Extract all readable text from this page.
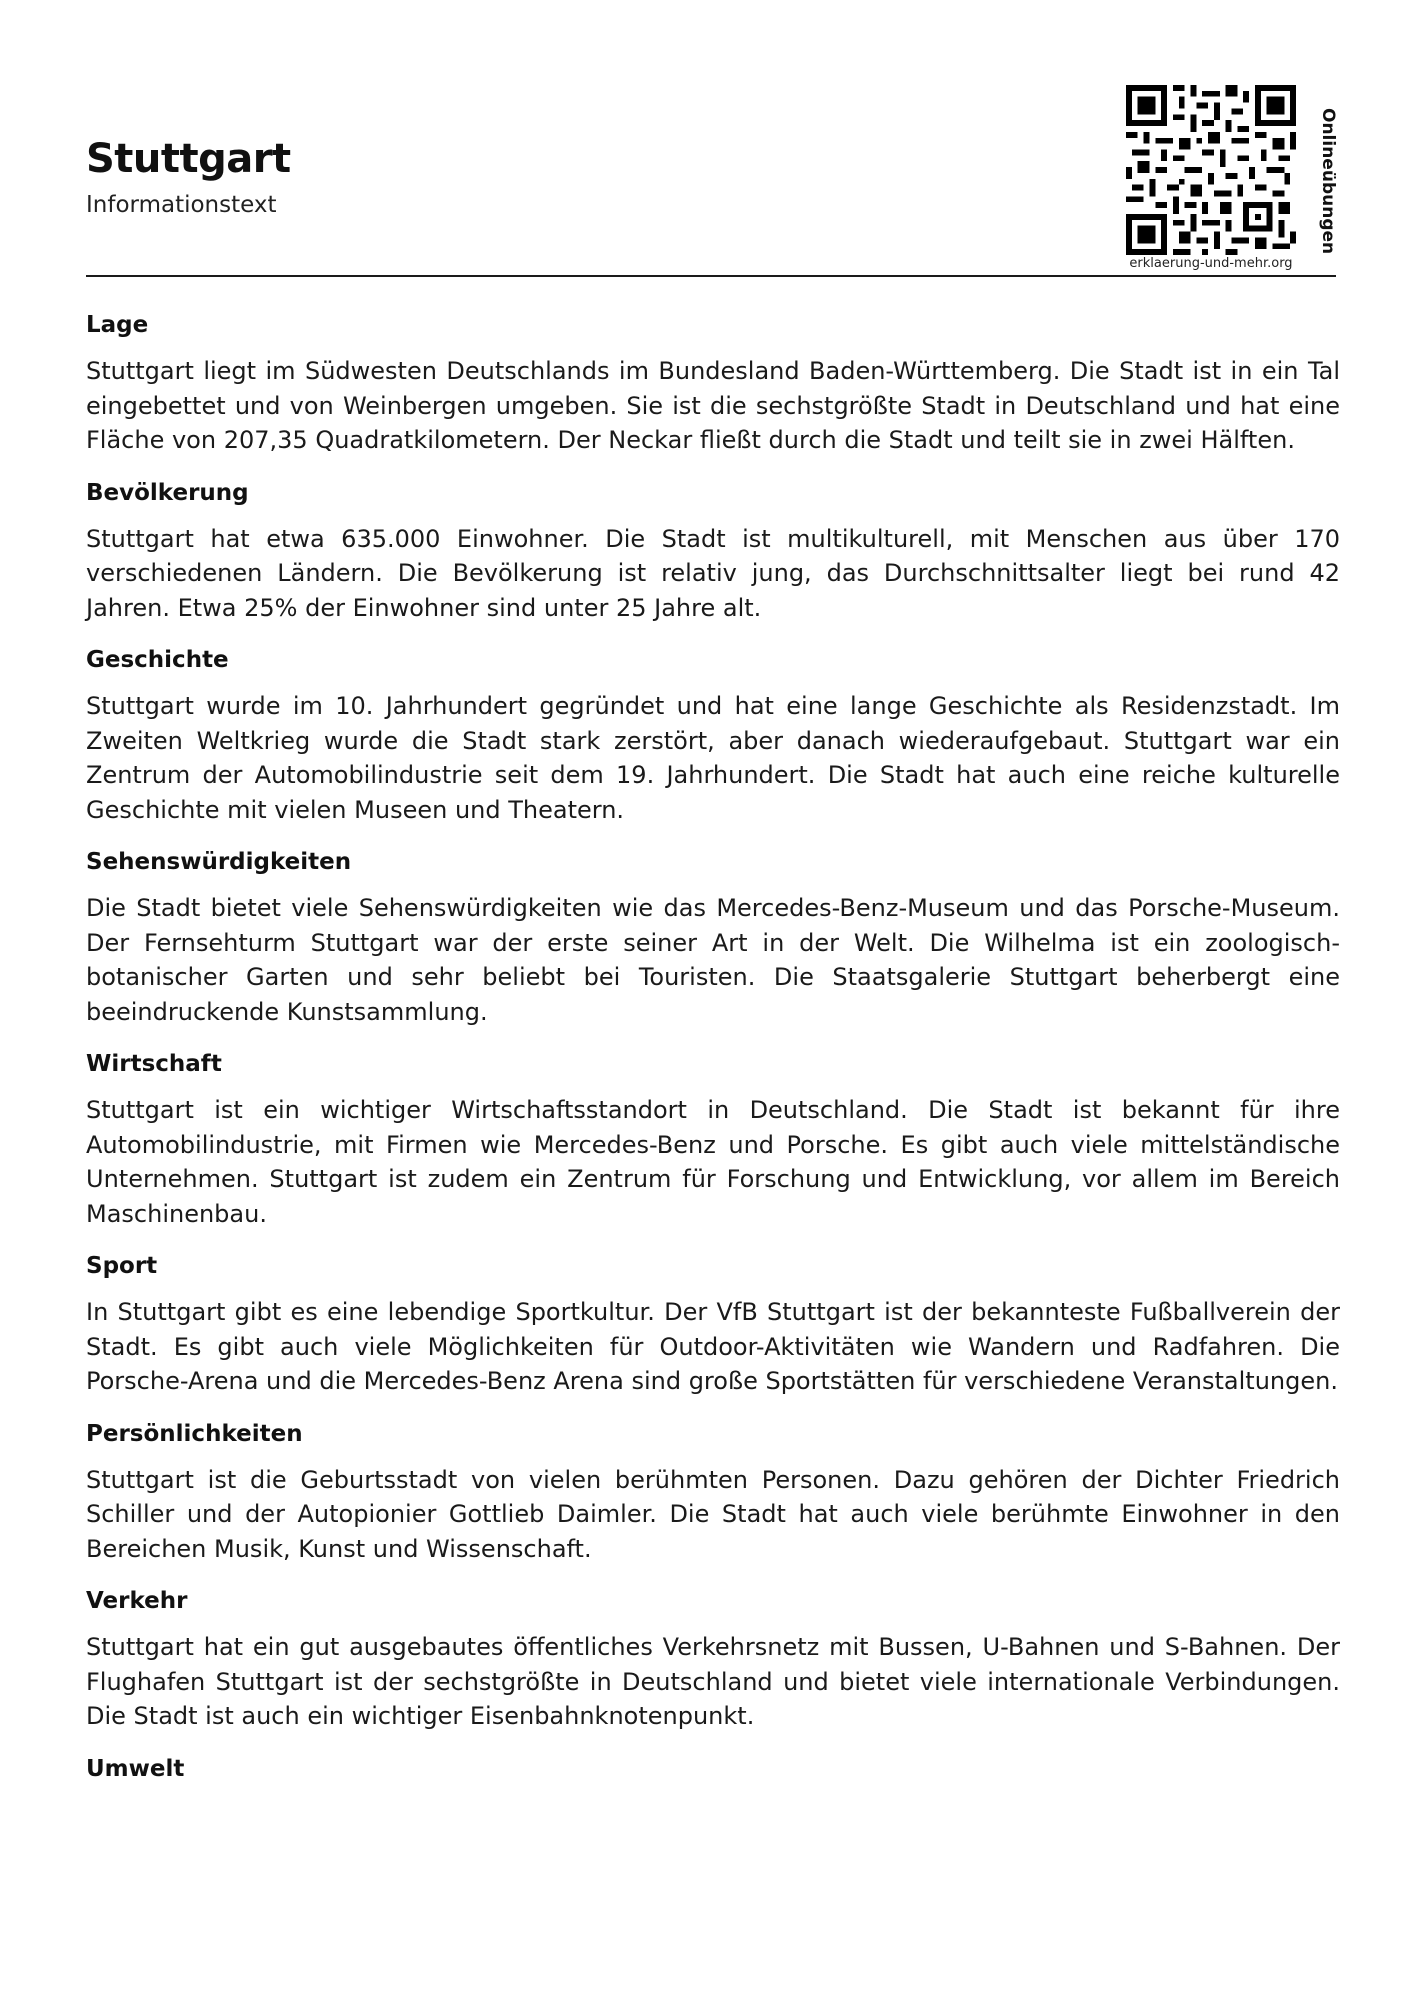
Stuttgart
Informationstext
erklaerung-und-mehr.org
Onlineübungen
Lage

Stuttgart liegt im Südwesten Deutschlands im Bundesland Baden-Württemberg. Die Stadt ist in ein Tal eingebettet und von Weinbergen umgeben. Sie ist die sechstgrößte Stadt in Deutschland und hat eine Fläche von 207,35 Quadratkilometern. Der Neckar fließt durch die Stadt und teilt sie in zwei Hälften.

Bevölkerung

Stuttgart hat etwa 635.000 Einwohner. Die Stadt ist multikulturell, mit Menschen aus über 170 verschiedenen Ländern. Die Bevölkerung ist relativ jung, das Durchschnittsalter liegt bei rund 42 Jahren. Etwa 25% der Einwohner sind unter 25 Jahre alt.

Geschichte

Stuttgart wurde im 10. Jahrhundert gegründet und hat eine lange Geschichte als Residenzstadt. Im Zweiten Weltkrieg wurde die Stadt stark zerstört, aber danach wiederaufgebaut. Stuttgart war ein Zentrum der Automobilindustrie seit dem 19. Jahrhundert. Die Stadt hat auch eine reiche kulturelle Geschichte mit vielen Museen und Theatern.

Sehenswürdigkeiten

Die Stadt bietet viele Sehenswürdigkeiten wie das Mercedes-Benz-Museum und das Porsche-Museum. Der Fernsehturm Stuttgart war der erste seiner Art in der Welt. Die Wilhelma ist ein zoologisch-botanischer Garten und sehr beliebt bei Touristen. Die Staatsgalerie Stuttgart beherbergt eine beeindruckende Kunstsammlung.

Wirtschaft

Stuttgart ist ein wichtiger Wirtschaftsstandort in Deutschland. Die Stadt ist bekannt für ihre Automobilindustrie, mit Firmen wie Mercedes-Benz und Porsche. Es gibt auch viele mittelständische Unternehmen. Stuttgart ist zudem ein Zentrum für Forschung und Entwicklung, vor allem im Bereich Maschinenbau.

Sport

In Stuttgart gibt es eine lebendige Sportkultur. Der VfB Stuttgart ist der bekannteste Fußballverein der Stadt. Es gibt auch viele Möglichkeiten für Outdoor-Aktivitäten wie Wandern und Radfahren. Die Porsche-Arena und die Mercedes-Benz Arena sind große Sportstätten für verschiedene Veranstaltungen.

Persönlichkeiten

Stuttgart ist die Geburtsstadt von vielen berühmten Personen. Dazu gehören der Dichter Friedrich Schiller und der Autopionier Gottlieb Daimler. Die Stadt hat auch viele berühmte Einwohner in den Bereichen Musik, Kunst und Wissenschaft.

Verkehr

Stuttgart hat ein gut ausgebautes öffentliches Verkehrsnetz mit Bussen, U-Bahnen und S-Bahnen. Der Flughafen Stuttgart ist der sechstgrößte in Deutschland und bietet viele internationale Verbindungen. Die Stadt ist auch ein wichtiger Eisenbahnknotenpunkt.

Umwelt
